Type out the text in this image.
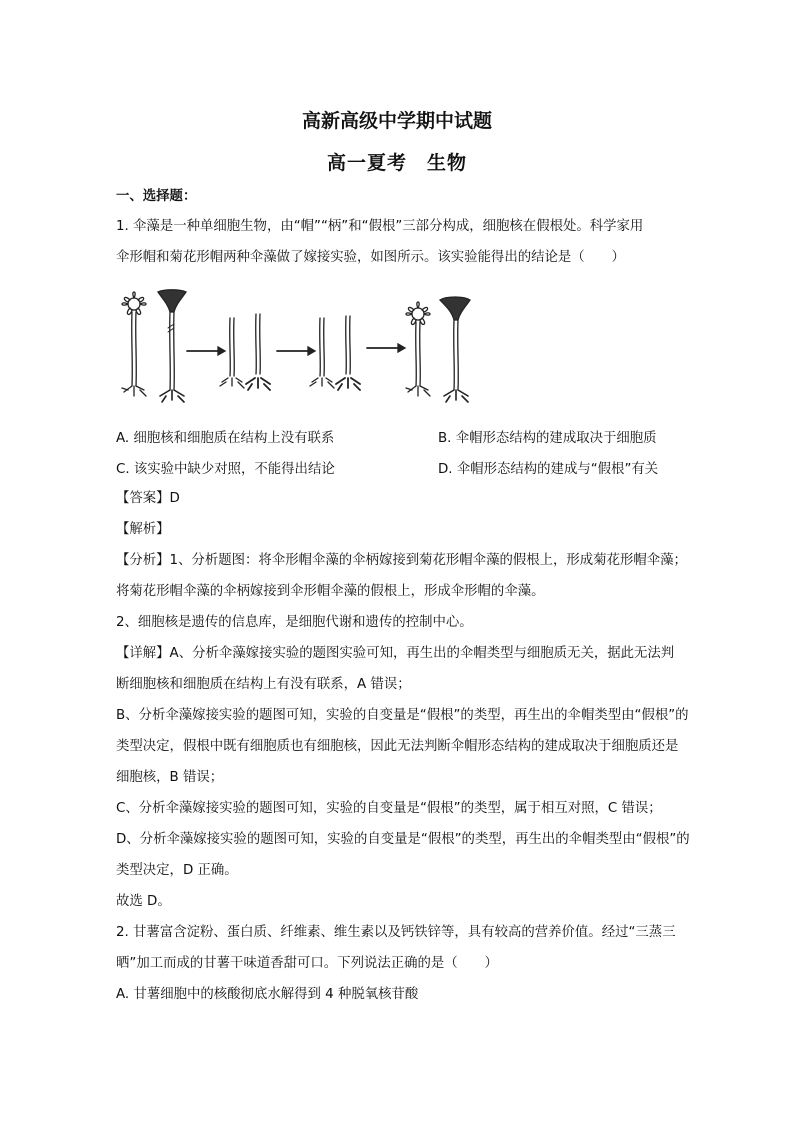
高新高级中学期中试题
高一夏考　生物
一、选择题：
1. 伞藻是一种单细胞生物，由“帽”“柄”和“假根”三部分构成，细胞核在假根处。科学家用
伞形帽和菊花形帽两种伞藻做了嫁接实验，如图所示。该实验能得出的结论是（　　）
A. 细胞核和细胞质在结构上没有联系	B. 伞帽形态结构的建成取决于细胞质
C. 该实验中缺少对照，不能得出结论	D. 伞帽形态结构的建成与“假根”有关
【答案】D
【解析】
【分析】1、分析题图：将伞形帽伞藻的伞柄嫁接到菊花形帽伞藻的假根上，形成菊花形帽伞藻；
将菊花形帽伞藻的伞柄嫁接到伞形帽伞藻的假根上，形成伞形帽的伞藻。
2、细胞核是遗传的信息库，是细胞代谢和遗传的控制中心。
【详解】A、分析伞藻嫁接实验的题图实验可知，再生出的伞帽类型与细胞质无关，据此无法判
断细胞核和细胞质在结构上有没有联系，A 错误；
B、分析伞藻嫁接实验的题图可知，实验的自变量是“假根”的类型，再生出的伞帽类型由“假根”的
类型决定，假根中既有细胞质也有细胞核，因此无法判断伞帽形态结构的建成取决于细胞质还是
细胞核，B 错误；
C、分析伞藻嫁接实验的题图可知，实验的自变量是“假根”的类型，属于相互对照，C 错误；
D、分析伞藻嫁接实验的题图可知，实验的自变量是“假根”的类型，再生出的伞帽类型由“假根”的
类型决定，D 正确。
故选 D。
2. 甘薯富含淀粉、蛋白质、纤维素、维生素以及钙铁锌等，具有较高的营养价值。经过“三蒸三
晒”加工而成的甘薯干味道香甜可口。下列说法正确的是（　　）
A. 甘薯细胞中的核酸彻底水解得到 4 种脱氧核苷酸
